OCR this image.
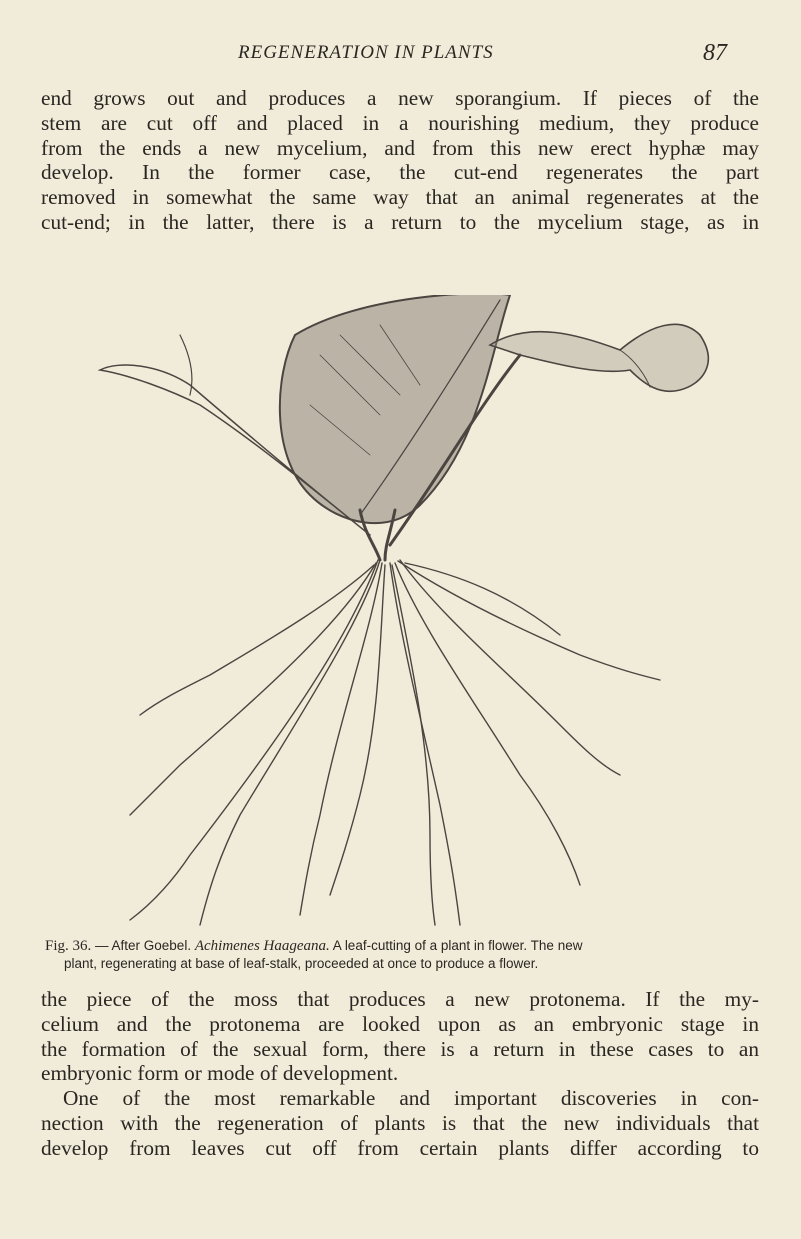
REGENERATION IN PLANTS	87
end grows out and produces a new sporangium. If pieces of the
stem are cut off and placed in a nourishing medium, they produce
from the ends a new mycelium, and from this new erect hyphæ may
develop. In the former case, the cut-end regenerates the part
removed in somewhat the same way that an animal regenerates at the
cut-end; in the latter, there is a return to the mycelium stage, as in

Fig. 36. — After Goebel. Achimenes Haageana. A leaf-cutting of a plant in flower. The new
plant, regenerating at base of leaf-stalk, proceeded at once to produce a flower.

the piece of the moss that produces a new protonema. If the my-
celium and the protonema are looked upon as an embryonic stage in
the formation of the sexual form, there is a return in these cases to an
embryonic form or mode of development.
One of the most remarkable and important discoveries in con-
nection with the regeneration of plants is that the new individuals that
develop from leaves cut off from certain plants differ according to
